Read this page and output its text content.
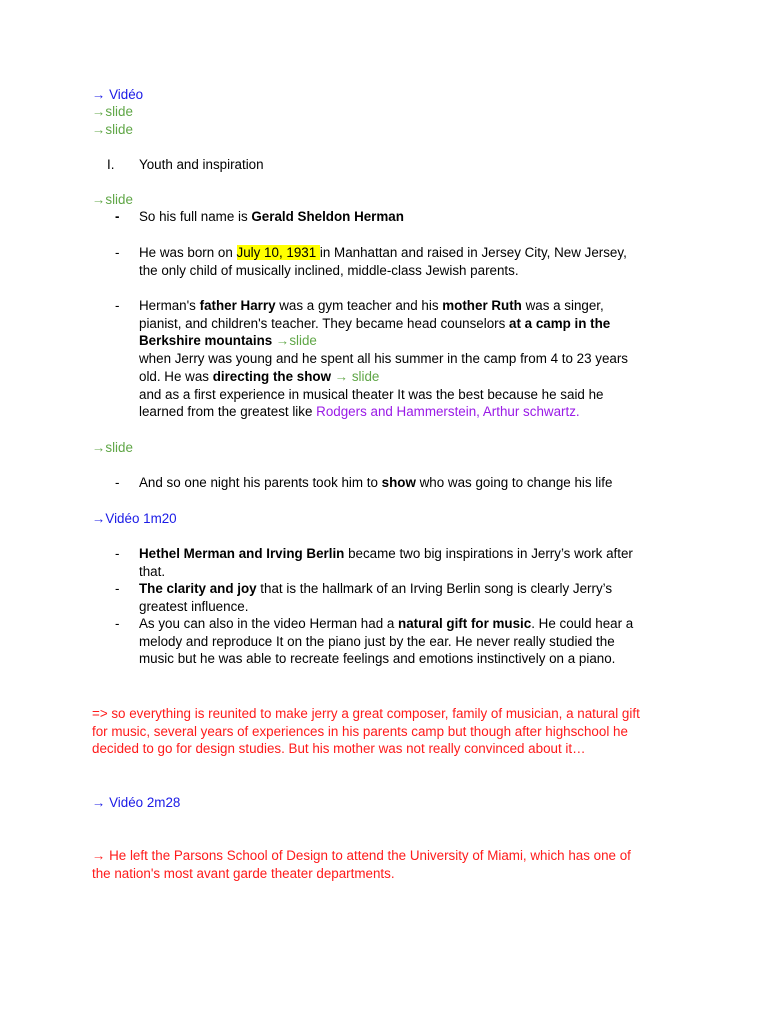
→ Vidéo
→slide
→slide
I. Youth and inspiration
→slide
- So his full name is Gerald Sheldon Herman
- He was born on July 10, 1931 in Manhattan and raised in Jersey City, New Jersey,
the only child of musically inclined, middle-class Jewish parents.
- Herman's father Harry was a gym teacher and his mother Ruth was a singer,
pianist, and children's teacher. They became head counselors at a camp in the
Berkshire mountains →slide
when Jerry was young and he spent all his summer in the camp from 4 to 23 years
old. He was directing the show → slide
and as a first experience in musical theater It was the best because he said he
learned from the greatest like Rodgers and Hammerstein, Arthur schwartz.
→slide
- And so one night his parents took him to show who was going to change his life
→Vidéo 1m20
- Hethel Merman and Irving Berlin became two big inspirations in Jerry’s work after
that.
- The clarity and joy that is the hallmark of an Irving Berlin song is clearly Jerry’s
greatest influence.
- As you can also in the video Herman had a natural gift for music. He could hear a
melody and reproduce It on the piano just by the ear. He never really studied the
music but he was able to recreate feelings and emotions instinctively on a piano.
=> so everything is reunited to make jerry a great composer, family of musician, a natural gift
for music, several years of experiences in his parents camp but though after highschool he
decided to go for design studies. But his mother was not really convinced about it…
→ Vidéo 2m28
→ He left the Parsons School of Design to attend the University of Miami, which has one of
the nation's most avant garde theater departments.
